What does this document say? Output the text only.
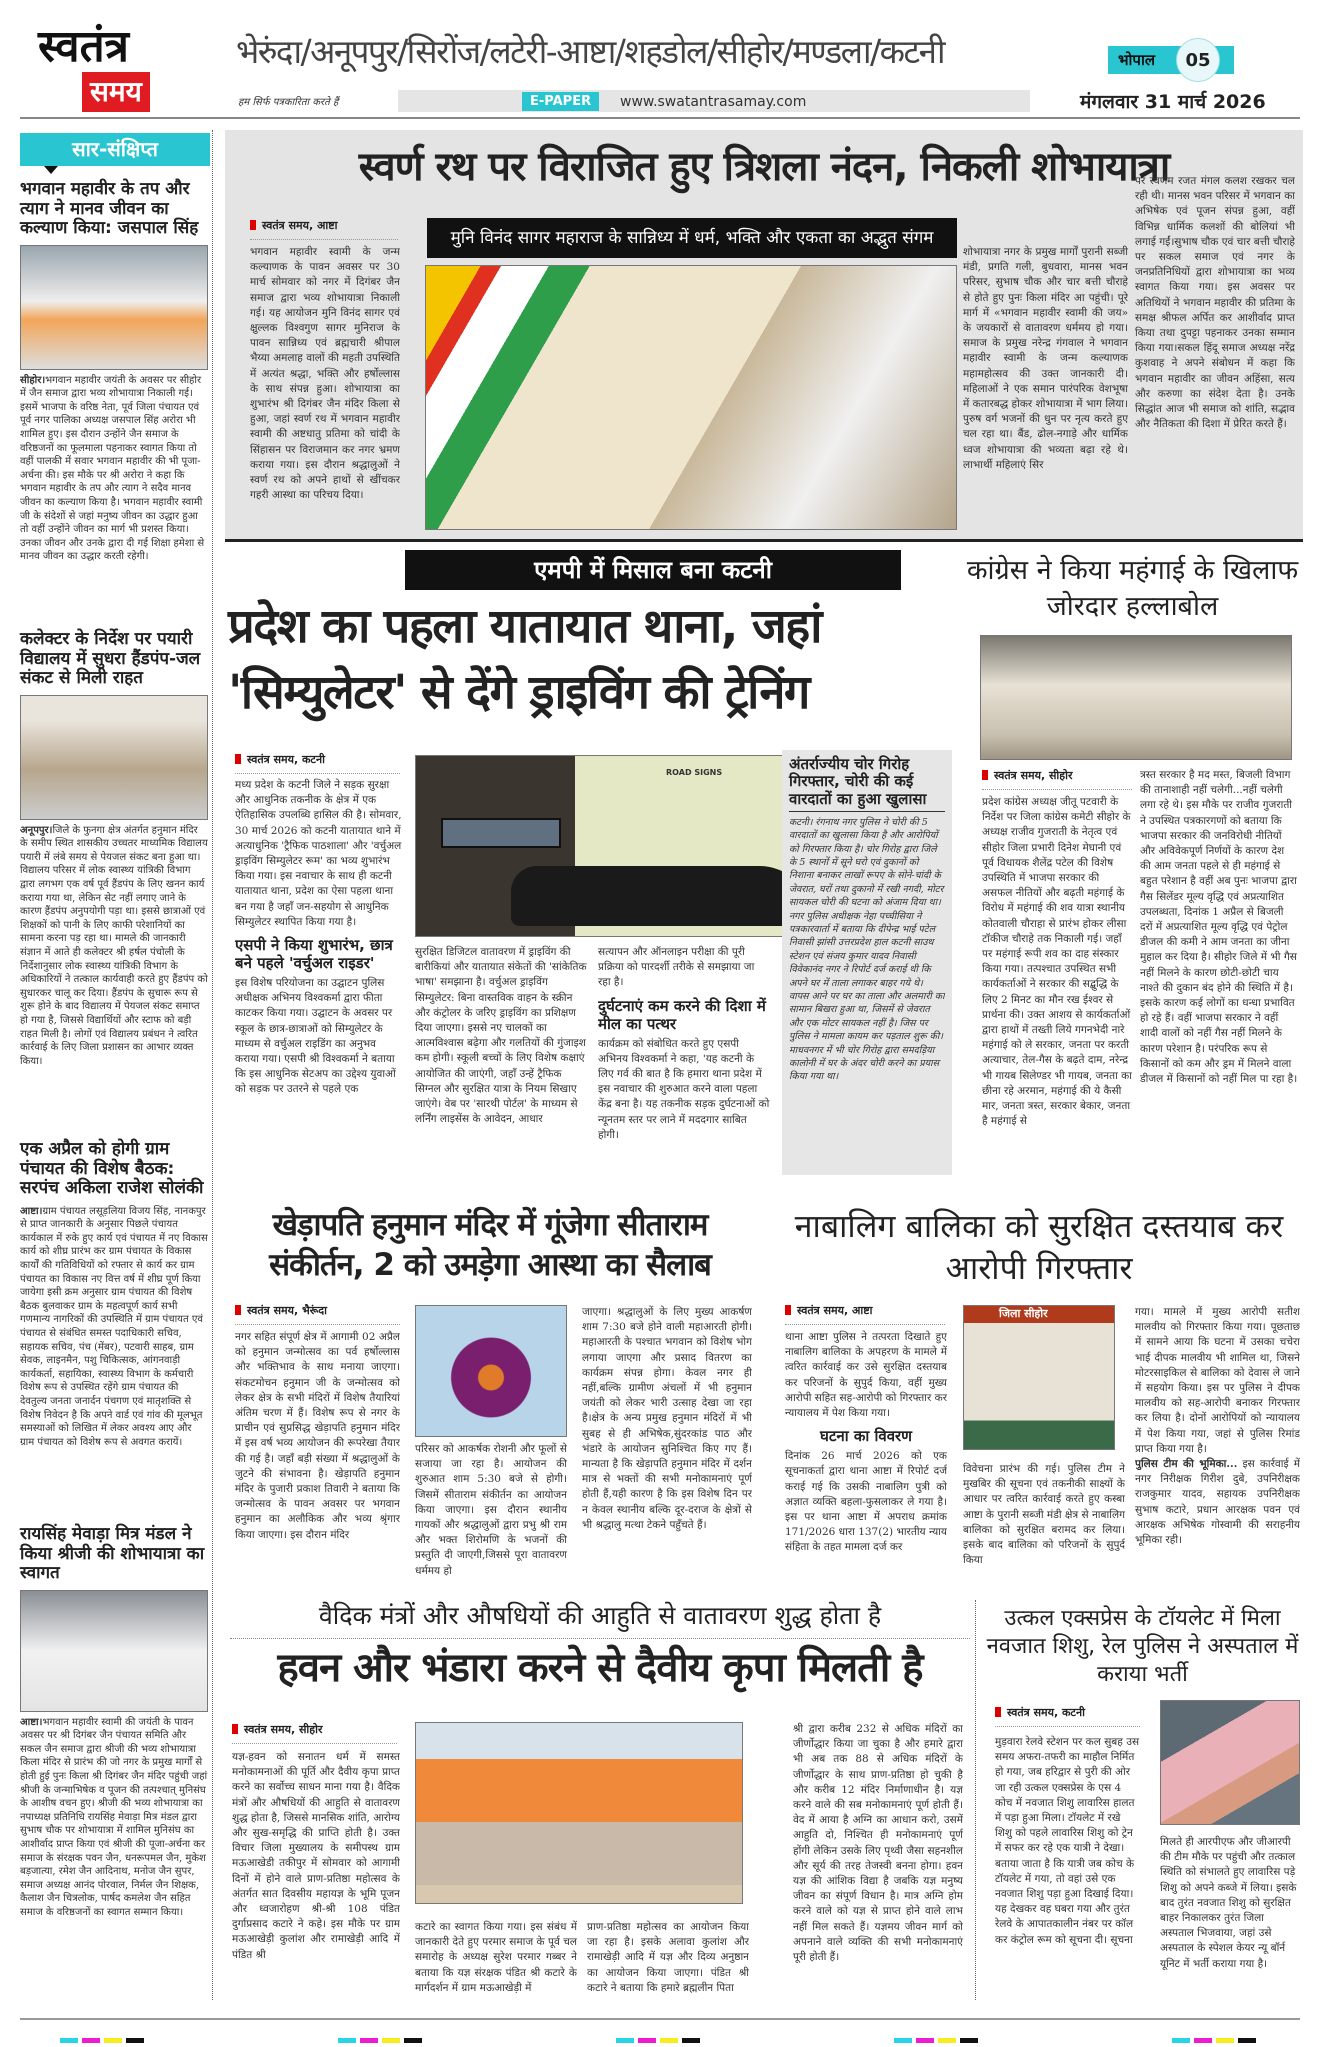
स्वतंत्र
समय
भेरुंदा/अनूपपुर/सिरोंज/लटेरी-आष्टा/शहडोल/सीहोर/मण्डला/कटनी	भोपाल	05
हम सिर्फ पत्रकारिता करते हैं	E-PAPER	www.swatantrasamay.com	मंगलवार 31 मार्च 2026
सार-संक्षिप्त
भगवान महावीर के तप और त्याग ने मानव जीवन का कल्याण किया: जसपाल सिंह
सीहोर।भगवान महावीर जयंती के अवसर पर सीहोर में जैन समाज द्वारा भव्य शोभायात्रा निकाली गई। इसमें भाजपा के वरिष्ठ नेता, पूर्व जिला पंचायत एवं पूर्व नगर पालिका अध्यक्ष जसपाल सिंह अरोरा भी शामिल हुए। इस दौरान उन्होंने जैन समाज के वरिष्ठजनों का फूलमाला पहनाकर स्वागत किया तो वहीं पालकी में सवार भगवान महावीर की भी पूजा-अर्चना की। इस मौके पर श्री अरोरा ने कहा कि भगवान महावीर के तप और त्याग ने सदैव मानव जीवन का कल्याण किया है। भगवान महावीर स्वामी जी के संदेशों से जहां मनुष्य जीवन का उद्धार हुआ तो वहीं उन्होंने जीवन का मार्ग भी प्रशस्त किया। उनका जीवन और उनके द्वारा दी गई शिक्षा हमेशा से मानव जीवन का उद्धार करती रहेगी।
कलेक्टर के निर्देश पर पयारी विद्यालय में सुधरा हैंडपंप-जल संकट से मिली राहत
अनूपपुर।जिले के फुनगा क्षेत्र अंतर्गत हनुमान मंदिर के समीप स्थित शासकीय उच्चतर माध्यमिक विद्यालय पयारी में लंबे समय से पेयजल संकट बना हुआ था। विद्यालय परिसर में लोक स्वास्थ्य यांत्रिकी विभाग द्वारा लगभग एक वर्ष पूर्व हैंडपंप के लिए खनन कार्य कराया गया था, लेकिन सेट नहीं लगाए जाने के कारण हैंडपंप अनुपयोगी पड़ा था। इससे छात्राओं एवं शिक्षकों को पानी के लिए काफी परेशानियों का सामना करना पड़ रहा था। मामले की जानकारी संज्ञान में आते ही कलेक्टर श्री हर्षल पंचोली के निर्देशानुसार लोक स्वास्थ्य यांत्रिकी विभाग के अधिकारियों ने तत्काल कार्यवाही करते हुए हैंडपंप को सुधारकर चालू कर दिया। हैंडपंप के सुचारू रूप से शुरू होने के बाद विद्यालय में पेयजल संकट समाप्त हो गया है, जिससे विद्यार्थियों और स्टाफ को बड़ी राहत मिली है। लोगों एवं विद्यालय प्रबंधन ने त्वरित कार्रवाई के लिए जिला प्रशासन का आभार व्यक्त किया।
एक अप्रैल को होगी ग्राम पंचायत की विशेष बैठक: सरपंच अकिला राजेश सोलंकी
आष्टा।ग्राम पंचायत लसूड़लिया विजय सिंह, नानकपुर से प्राप्त जानकारी के अनुसार पिछले पंचायत कार्यकाल में रुके हुए कार्य एवं पंचायत में नए विकास कार्य को शीघ्र प्रारंभ कर ग्राम पंचायत के विकास कार्यों की गतिविधियों को रफ्तार से कार्य कर ग्राम पंचायत का विकास नए वित्त वर्ष में शीघ्र पूर्ण किया जायेगा इसी क्रम अनुसार ग्राम पंचायत की विशेष बैठक बुलवाकर ग्राम के महत्वपूर्ण कार्य सभी गणमान्य नागरिकों की उपस्थिति में ग्राम पंचायत एवं पंचायत से संबंधित समस्त पदाधिकारी सचिव, सहायक सचिव, पंच (मेंबर), पटवारी साहब, ग्राम सेवक, लाइनमैन, पशु चिकित्सक, आंगनवाड़ी कार्यकर्ता, सहायिका, स्वास्थ्य विभाग के कर्मचारी विशेष रूप से उपस्थित रहेंगे ग्राम पंचायत की देवतुल्य जनता जनार्दन पंचगण एवं मातृशक्ति से विशेष निवेदन है कि अपने वार्ड एवं गांव की मूलभूत समस्याओं को लिखित में लेकर अवश्य आए और ग्राम पंचायत को विशेष रूप से अवगत करायें।
रायसिंह मेवाड़ा मित्र मंडल ने किया श्रीजी की शोभायात्रा का स्वागत
आष्टा।भगवान महावीर स्वामी की जयंती के पावन अवसर पर श्री दिगंबर जैन पंचायत समिति और सकल जैन समाज द्वारा श्रीजी की भव्य शोभायात्रा किला मंदिर से प्रारंभ की जो नगर के प्रमुख मार्गों से होती हुई पुनः किला श्री दिगंबर जैन मंदिर पहुंची जहां श्रीजी के जन्माभिषेक व पूजन की तत्पश्चात् मुनिसंघ के आशीष वचन हुए। श्रीजी की भव्य शोभायात्रा का नपाध्यक्ष प्रतिनिधि रायसिंह मेवाड़ा मित्र मंडल द्वारा सुभाष चौक पर शोभायात्रा में शामिल मुनिसंघ का आशीर्वाद प्राप्त किया एवं श्रीजी की पूजा-अर्चना कर समाज के संरक्षक पवन जैन, धनरूपमल जैन, मुकेश बड़जात्या, रमेश जैन आदिनाथ, मनोज जैन सुपर, समाज अध्यक्ष आनंद पोरवाल, निर्मल जैन शिक्षक, कैलाश जैन चित्रलोक, पार्षद कमलेश जैन सहित समाज के वरिष्ठजनों का स्वागत सम्मान किया।
स्वर्ण रथ पर विराजित हुए त्रिशला नंदन, निकली शोभायात्रा
स्वतंत्र समय, आष्टा
भगवान महावीर स्वामी के जन्म कल्याणक के पावन अवसर पर 30 मार्च सोमवार को नगर में दिगंबर जैन समाज द्वारा भव्य शोभायात्रा निकाली गई। यह आयोजन मुनि विनंद सागर एवं क्षुल्लक विश्वगुण सागर मुनिराज के पावन सान्निध्य एवं ब्रह्मचारी श्रीपाल भैय्या अमलाह वालों की महती उपस्थिति में अत्यंत श्रद्धा, भक्ति और हर्षोल्लास के साथ संपन्न हुआ। शोभायात्रा का शुभारंभ श्री दिगंबर जैन मंदिर किला से हुआ, जहां स्वर्ण रथ में भगवान महावीर स्वामी की अष्टधातु प्रतिमा को चांदी के सिंहासन पर विराजमान कर नगर भ्रमण कराया गया। इस दौरान श्रद्धालुओं ने स्वर्ण रथ को अपने हाथों से खींचकर गहरी आस्था का परिचय दिया।
मुनि विनंद सागर महाराज के सान्निध्य में धर्म, भक्ति और एकता का अद्भुत संगम
शोभायात्रा नगर के प्रमुख मार्गों पुरानी सब्जी मंडी, प्रगति गली, बुधवारा, मानस भवन परिसर, सुभाष चौक और चार बत्ती चौराहे से होते हुए पुनः किला मंदिर आ पहुंची। पूरे मार्ग में «भगवान महावीर स्वामी की जय» के जयकारों से वातावरण धर्ममय हो गया। समाज के प्रमुख नरेन्द्र गंगवाल ने भगवान महावीर स्वामी के जन्म कल्याणक महामहोत्सव की उक्त जानकारी दी। महिलाओं ने एक समान पारंपरिक वेशभूषा में कतारबद्ध होकर शोभायात्रा में भाग लिया। पुरुष वर्ग भजनों की धुन पर नृत्य करते हुए चल रहा था। बैंड, ढोल-नगाड़े और धार्मिक ध्वज शोभायात्रा की भव्यता बढ़ा रहे थे। लाभार्थी महिलाएं सिर
पर स्वर्णम रजत मंगल कलश रखकर चल रही थी। मानस भवन परिसर में भगवान का अभिषेक एवं पूजन संपन्न हुआ, वहीं विभिन्न धार्मिक कलशों की बोलियां भी लगाई गईं।सुभाष चौक एवं चार बत्ती चौराहे पर सकल समाज एवं नगर के जनप्रतिनिधियों द्वारा शोभायात्रा का भव्य स्वागत किया गया। इस अवसर पर अतिथियों ने भगवान महावीर की प्रतिमा के समक्ष श्रीफल अर्पित कर आशीर्वाद प्राप्त किया तथा दुपट्टा पहनाकर उनका सम्मान किया गया।सकल हिंदू समाज अध्यक्ष नरेंद्र कुशवाह ने अपने संबोधन में कहा कि भगवान महावीर का जीवन अहिंसा, सत्य और करुणा का संदेश देता है। उनके सिद्धांत आज भी समाज को शांति, सद्भाव और नैतिकता की दिशा में प्रेरित करते हैं।
एमपी में मिसाल बना कटनी
प्रदेश का पहला यातायात थाना, जहां
'सिम्युलेटर' से देंगे ड्राइविंग की ट्रेनिंग
स्वतंत्र समय, कटनी
मध्य प्रदेश के कटनी जिले ने सड़क सुरक्षा और आधुनिक तकनीक के क्षेत्र में एक ऐतिहासिक उपलब्धि हासिल की है। सोमवार, 30 मार्च 2026 को कटनी यातायात थाने में अत्याधुनिक 'ट्रैफिक पाठशाला' और 'वर्चुअल ड्राइविंग सिम्युलेटर रूम' का भव्य शुभारंभ किया गया। इस नवाचार के साथ ही कटनी यातायात थाना, प्रदेश का ऐसा पहला थाना बन गया है जहाँ जन-सहयोग से आधुनिक सिम्युलेटर स्थापित किया गया है।
एसपी ने किया शुभारंभ, छात्र बने पहले 'वर्चुअल राइडर'
इस विशेष परियोजना का उद्घाटन पुलिस अधीक्षक अभिनय विश्वकर्मा द्वारा फीता काटकर किया गया। उद्घाटन के अवसर पर स्कूल के छात्र-छात्राओं को सिम्युलेटर के माध्यम से वर्चुअल राइडिंग का अनुभव कराया गया। एसपी श्री विश्वकर्मा ने बताया कि इस आधुनिक सेटअप का उद्देश्य युवाओं को सड़क पर उतरने से पहले एक
ROAD SIGNS
सुरक्षित डिजिटल वातावरण में ड्राइविंग की बारीकियां और यातायात संकेतों की 'सांकेतिक भाषा' समझाना है। वर्चुअल ड्राइविंग सिम्युलेटर: बिना वास्तविक वाहन के स्क्रीन और कंट्रोलर के जरिए ड्राइविंग का प्रशिक्षण दिया जाएगा। इससे नए चालकों का आत्मविश्वास बढ़ेगा और गलतियों की गुंजाइश कम होगी। स्कूली बच्चों के लिए विशेष कक्षाएं आयोजित की जाएंगी, जहाँ उन्हें ट्रैफिक सिग्नल और सुरक्षित यात्रा के नियम सिखाए जाएंगे। वेब पर 'सारथी पोर्टल' के माध्यम से लर्निंग लाइसेंस के आवेदन, आधार
सत्यापन और ऑनलाइन परीक्षा की पूरी प्रक्रिया को पारदर्शी तरीके से समझाया जा रहा है।
दुर्घटनाएं कम करने की दिशा में मील का पत्थर
कार्यक्रम को संबोधित करते हुए एसपी अभिनय विश्वकर्मा ने कहा, 'यह कटनी के लिए गर्व की बात है कि हमारा थाना प्रदेश में इस नवाचार की शुरुआत करने वाला पहला केंद्र बना है। यह तकनीक सड़क दुर्घटनाओं को न्यूनतम स्तर पर लाने में मददगार साबित होगी।
अंतर्राज्यीय चोर गिरोह गिरफ्तार, चोरी की कई वारदातों का हुआ खुलासा
कटनी। रंगनाथ नगर पुलिस ने चोरी की 5 वारदातों का खुलासा किया है और आरोपियों को गिरफ्तार किया है। चोर गिरोह द्वारा जिले के 5 स्थानों में सूने घरो एवं दुकानों को निशाना बनाकर लाखों रूपए के सोने-चांदी के जेवरात, घरों तथा दुकानो में रखी नगदी, मोटर सायकल चोरी की घटना को अंजाम दिया था। नगर पुलिस अधीक्षक नेहा पच्चीसिया ने पत्रकारवार्ता में बताया कि दीपेन्द्र भाई पटेल निवासी झांसी उत्तरप्रदेश हाल कटनी साउथ स्टेशन एवं संजय कुमार यादव निवासी विवेकानंद नगर ने रिपोर्ट दर्ज कराई थी कि अपने घर में ताला लगाकर बाहर गये थे। वापस आने पर घर का ताला और अलमारी का सामान बिखरा हुआ था, जिसमें से जेवरात और एक मोटर सायकल नहीं है। जिस पर पुलिस ने मामला कायम कर पड़ताल शुरू की। माधवनगर में भी चोर गिरोह द्वारा समदड़िया कालोनी में घर के अंदर चोरी करने का प्रयास किया गया था।
कांग्रेस ने किया महंगाई के खिलाफ जोरदार हल्लाबोल
स्वतंत्र समय, सीहोर
प्रदेश कांग्रेस अध्यक्ष जीतू पटवारी के निर्देश पर जिला कांग्रेस कमेटी सीहोर के अध्यक्ष राजीव गुजराती के नेतृत्व एवं सीहोर जिला प्रभारी दिनेश मेघानी एवं पूर्व विधायक शैलेंद्र पटेल की विशेष उपस्थिति में भाजपा सरकार की असफल नीतियों और बढ़ती महंगाई के विरोध में महंगाई की शव यात्रा स्थानीय कोतवाली चौराहा से प्रारंभ होकर लीसा टॉकीज चौराहे तक निकाली गई। जहाँ पर महंगाई रूपी शव का दाह संस्कार किया गया। तत्पश्चात उपस्थित सभी कार्यकर्ताओं ने सरकार की सद्बुद्धि के लिए 2 मिनट का मौन रख ईश्वर से प्रार्थना की। उक्त आशय से कार्यकर्ताओं द्वारा हाथों में तख्ती लिये गगनभेदी नारे महंगाई को ले सरकार, जनता पर करती अत्याचार, तेल-गैस के बढ़ते दाम, नरेन्द्र भी गायब सिलेण्डर भी गायब, जनता का छीना रहे अरमान, महंगाई की ये कैसी मार, जनता त्रस्त, सरकार बेकार, जनता है महंगाई से
त्रस्त सरकार है मद मस्त, बिजली विभाग की तानाशाही नहीं चलेगी...नहीं चलेगी लगा रहे थे। इस मौके पर राजीव गुजराती ने उपस्थित पत्रकारगणों को बताया कि भाजपा सरकार की जनविरोधी नीतियों और अविवेकपूर्ण निर्णयों के कारण देश की आम जनता पहले से ही महंगाई से बहुत परेशान है वहीं अब पुनः भाजपा द्वारा गैस सिलेंडर मूल्य वृद्धि एवं अप्रत्याशित उपलब्धता, दिनांक 1 अप्रैल से बिजली दरों में अप्रत्याशित मूल्य वृद्धि एवं पेट्रोल डीजल की कमी ने आम जनता का जीना मुहाल कर दिया है। सीहोर जिले में भी गैस नहीं मिलने के कारण छोटी-छोटी चाय नाश्ते की दुकान बंद होने की स्थिति में है। इसके कारण कई लोगों का धन्धा प्रभावित हो रहे हैं। वहीं भाजपा सरकार ने वहीं शादी वालों को नहीं गैस नहीं मिलने के कारण परेशान है। परंपरिक रूप से किसानों को कम और ड्रम में मिलने वाला डीजल में किसानों को नहीं मिल पा रहा है।
खेड़ापति हनुमान मंदिर में गूंजेगा सीताराम संकीर्तन, 2 को उमड़ेगा आस्था का सैलाब
स्वतंत्र समय, भैरूंदा
नगर सहित संपूर्ण क्षेत्र में आगामी 02 अप्रैल को हनुमान जन्मोत्सव का पर्व हर्षोल्लास और भक्तिभाव के साथ मनाया जाएगा। संकटमोचन हनुमान जी के जन्मोत्सव को लेकर क्षेत्र के सभी मंदिरों में विशेष तैयारियां अंतिम चरण में हैं। विशेष रूप से नगर के प्राचीन एवं सुप्रसिद्ध खेड़ापति हनुमान मंदिर में इस वर्ष भव्य आयोजन की रूपरेखा तैयार की गई है। जहाँ बड़ी संख्या में श्रद्धालुओं के जुटने की संभावना है। खेड़ापति हनुमान मंदिर के पुजारी प्रकाश तिवारी ने बताया कि जन्मोत्सव के पावन अवसर पर भगवान हनुमान का अलौकिक और भव्य श्रृंगार किया जाएगा। इस दौरान मंदिर
परिसर को आकर्षक रोशनी और फूलों से सजाया जा रहा है। आयोजन की शुरुआत शाम 5:30 बजे से होगी। जिसमें सीताराम संकीर्तन का आयोजन किया जाएगा। इस दौरान स्थानीय गायकों और श्रद्धालुओं द्वारा प्रभु श्री राम और भक्त शिरोमणि के भजनों की प्रस्तुति दी जाएगी,जिससे पूरा वातावरण धर्ममय हो
जाएगा। श्रद्धालुओं के लिए मुख्य आकर्षण शाम 7:30 बजे होने वाली महाआरती होगी। महाआरती के पश्चात भगवान को विशेष भोग लगाया जाएगा और प्रसाद वितरण का कार्यक्रम संपन्न होगा। केवल नगर ही नहीं,बल्कि ग्रामीण अंचलों में भी हनुमान जयंती को लेकर भारी उत्साह देखा जा रहा है।क्षेत्र के अन्य प्रमुख हनुमान मंदिरों में भी सुबह से ही अभिषेक,सुंदरकांड पाठ और भंडारे के आयोजन सुनिश्चित किए गए हैं। मान्यता है कि खेड़ापति हनुमान मंदिर में दर्शन मात्र से भक्तों की सभी मनोकामनाएं पूर्ण होती हैं,यही कारण है कि इस विशेष दिन पर न केवल स्थानीय बल्कि दूर-दराज के क्षेत्रों से भी श्रद्धालु मत्था टेकने पहुँचते हैं।
नाबालिग बालिका को सुरक्षित दस्तयाब कर आरोपी गिरफ्तार
स्वतंत्र समय, आष्टा
थाना आष्टा पुलिस ने तत्परता दिखाते हुए नाबालिग बालिका के अपहरण के मामले में त्वरित कार्रवाई कर उसे सुरक्षित दस्तयाब कर परिजनों के सुपुर्द किया, वहीं मुख्य आरोपी सहित सह-आरोपी को गिरफ्तार कर न्यायालय में पेश किया गया।
घटना का विवरण
दिनांक 26 मार्च 2026 को एक सूचनाकर्ता द्वारा थाना आष्टा में रिपोर्ट दर्ज कराई गई कि उसकी नाबालिग पुत्री को अज्ञात व्यक्ति बहला-फुसलाकर ले गया है। इस पर थाना आष्टा में अपराध क्रमांक 171/2026 धारा 137(2) भारतीय न्याय संहिता के तहत मामला दर्ज कर
जिला सीहोर
विवेचना प्रारंभ की गई। पुलिस टीम ने मुखबिर की सूचना एवं तकनीकी साक्ष्यों के आधार पर त्वरित कार्रवाई करते हुए कस्बा आष्टा के पुरानी सब्जी मंडी क्षेत्र से नाबालिग बालिका को सुरक्षित बरामद कर लिया। इसके बाद बालिका को परिजनों के सुपुर्द किया
गया। मामले में मुख्य आरोपी सतीश मालवीय को गिरफ्तार किया गया। पूछताछ में सामने आया कि घटना में उसका चचेरा भाई दीपक मालवीय भी शामिल था, जिसने मोटरसाइकिल से बालिका को देवास ले जाने में सहयोग किया। इस पर पुलिस ने दीपक मालवीय को सह-आरोपी बनाकर गिरफ्तार कर लिया है। दोनों आरोपियों को न्यायालय में पेश किया गया, जहां से पुलिस रिमांड प्राप्त किया गया है।
पुलिस टीम की भूमिका... इस कार्रवाई में नगर निरीक्षक गिरीश दुबे, उपनिरीक्षक राजकुमार यादव, सहायक उपनिरीक्षक सुभाष कटारे, प्रधान आरक्षक पवन एवं आरक्षक अभिषेक गोस्वामी की सराहनीय भूमिका रही।
वैदिक मंत्रों और औषधियों की आहुति से वातावरण शुद्ध होता है
हवन और भंडारा करने से दैवीय कृपा मिलती है
स्वतंत्र समय, सीहोर
यज्ञ-हवन को सनातन धर्म में समस्त मनोकामनाओं की पूर्ति और दैवीय कृपा प्राप्त करने का सर्वोच्च साधन माना गया है। वैदिक मंत्रों और औषधियों की आहुति से वातावरण शुद्ध होता है, जिससे मानसिक शांति, आरोग्य और सुख-समृद्धि की प्राप्ति होती है। उक्त विचार जिला मुख्यालय के समीपस्थ ग्राम मऊआखेडी तकीपुर में सोमवार को आगामी दिनों में होने वाले प्राण-प्रतिष्ठा महोत्सव के अंतर्गत सात दिवसीय महायज्ञ के भूमि पूजन और ध्वजारोहण श्री-श्री 108 पंडित दुर्गाप्रसाद कटारे ने कहे। इस मौके पर ग्राम मऊआखेड़ी कुलांश और रामाखेड़ी आदि में पंडित श्री
कटारे का स्वागत किया गया। इस संबंध में जानकारी देते हुए परमार समाज के पूर्व चल समारोह के अध्यक्ष सुरेश परमार गब्बर ने बताया कि यज्ञ संरक्षक पंडित श्री कटारे के मार्गदर्शन में ग्राम मऊआखेड़ी में
प्राण-प्रतिष्ठा महोत्सव का आयोजन किया जा रहा है। इसके अलावा कुलांश और रामाखेड़ी आदि में यज्ञ और दिव्य अनुष्ठान का आयोजन किया जाएगा। पंडित श्री कटारे ने बताया कि हमारे ब्रह्मलीन पिता
श्री द्वारा करीब 232 से अधिक मंदिरों का जीर्णोद्धार किया जा चुका है और हमारे द्वारा भी अब तक 88 से अधिक मंदिरों के जीर्णोद्धार के साथ प्राण-प्रतिष्ठा हो चुकी है और करीब 12 मंदिर निर्माणाधीन है। यज्ञ करने वाले की सब मनोकामनाएं पूर्ण होती हैं। वेद में आया है अग्नि का आधान करो, उसमें आहुति दो, निश्चित ही मनोकामनाएं पूर्ण होंगी लेकिन उसके लिए पृथ्वी जैसा सहनशील और सूर्य की तरह तेजस्वी बनना होगा। हवन यज्ञ की आंशिक विद्या है जबकि यज्ञ मनुष्य जीवन का संपूर्ण विधान है। मात्र अग्नि होम करने वाले को यज्ञ से प्राप्त होने वाले लाभ नहीं मिल सकते हैं। यज्ञमय जीवन मार्ग को अपनाने वाले व्यक्ति की सभी मनोकामनाएं पूरी होती हैं।
उत्कल एक्सप्रेस के टॉयलेट में मिला नवजात शिशु, रेल पुलिस ने अस्पताल में कराया भर्ती
स्वतंत्र समय, कटनी
मुड़वारा रेलवे स्टेशन पर कल सुबह उस समय अफरा-तफरी का माहौल निर्मित हो गया, जब हरिद्वार से पुरी की ओर जा रही उत्कल एक्सप्रेस के एस 4 कोच में नवजात शिशु लावारिस हालत में पड़ा हुआ मिला। टॉयलेट में रखे शिशु को पहले लावारिस शिशु को ट्रेन में सफर कर रहे एक यात्री ने देखा। बताया जाता है कि यात्री जब कोच के टॉयलेट में गया, तो वहां उसे एक नवजात शिशु पड़ा हुआ दिखाई दिया। यह देखकर वह घबरा गया और तुरंत रेलवे के आपातकालीन नंबर पर कॉल कर कंट्रोल रूम को सूचना दी। सूचना
मिलते ही आरपीएफ और जीआरपी की टीम मौके पर पहुंची और तत्काल स्थिति को संभालते हुए लावारिस पड़े शिशु को अपने कब्जे में लिया। इसके बाद तुरंत नवजात शिशु को सुरक्षित बाहर निकालकर तुरंत जिला अस्पताल भिजवाया, जहां उसे अस्पताल के स्पेशल केयर न्यू बॉर्न यूनिट में भर्ती कराया गया है।
